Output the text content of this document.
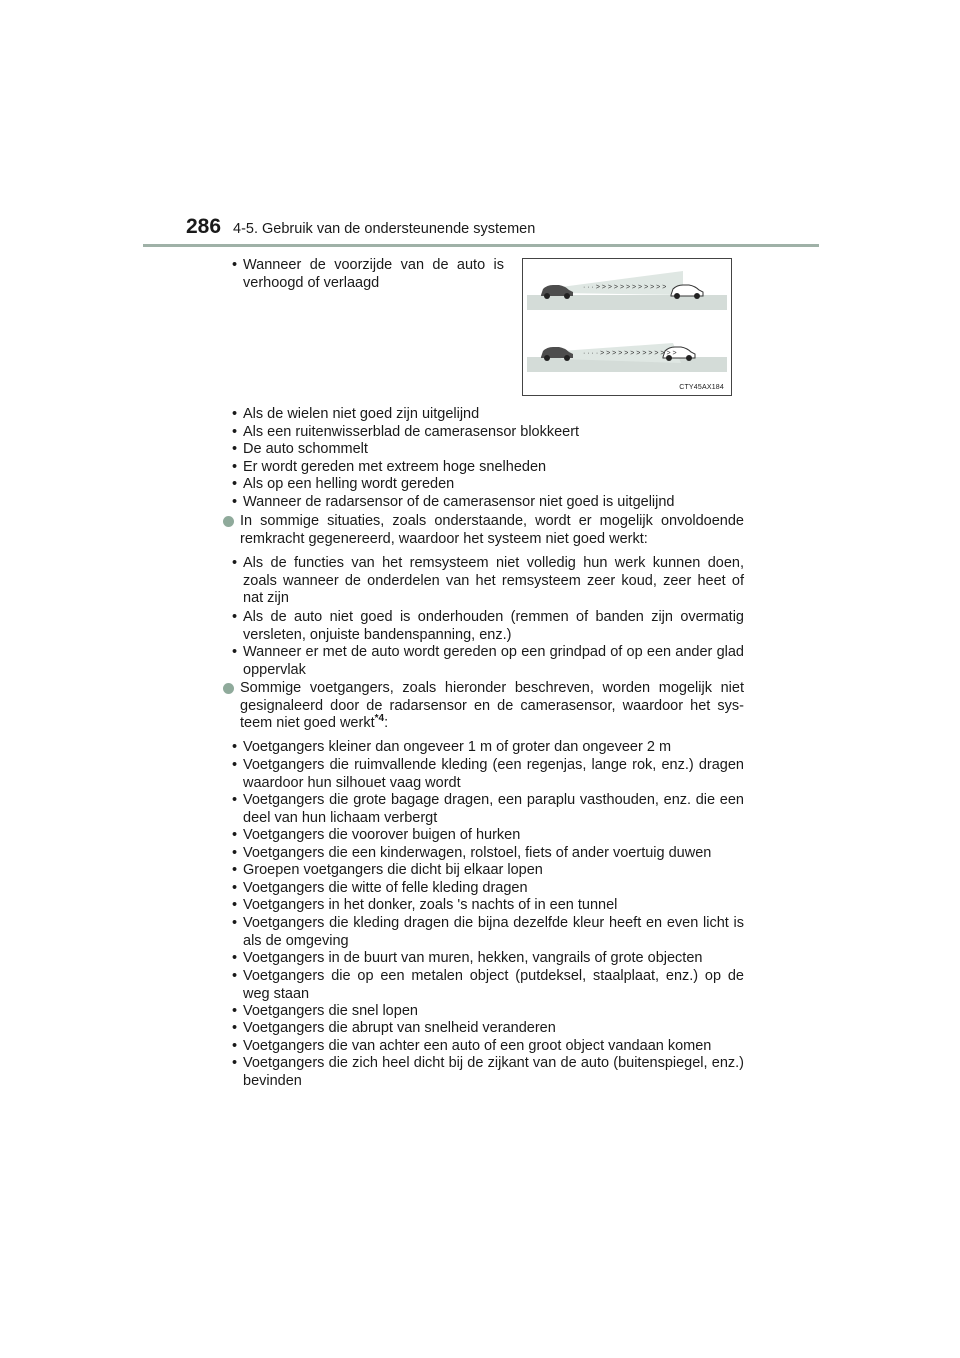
286 4-5. Gebruik van de ondersteunende systemen
• Wanneer de voorzijde van de auto is verhoogd of verlaagd	· · · > > > > > > > > > > > >
· · · · > > > > > > > > > > > > >
CTY45AX184
• Als de wielen niet goed zijn uitgelijnd
• Als een ruitenwisserblad de camerasensor blokkeert
• De auto schommelt
• Er wordt gereden met extreem hoge snelheden
• Als op een helling wordt gereden
• Wanneer de radarsensor of de camerasensor niet goed is uitgelijnd
In sommige situaties, zoals onderstaande, wordt er mogelijk onvoldoende remkracht gegenereerd, waardoor het systeem niet goed werkt:
• Als de functies van het remsysteem niet volledig hun werk kunnen doen, zoals wanneer de onderdelen van het remsysteem zeer koud, zeer heet of nat zijn
• Als de auto niet goed is onderhouden (remmen of banden zijn overmatig versleten, onjuiste bandenspanning, enz.)
• Wanneer er met de auto wordt gereden op een grindpad of op een ander glad oppervlak
Sommige voetgangers, zoals hieronder beschreven, worden mogelijk niet gesignaleerd door de radarsensor en de camerasensor, waardoor het sys-teem niet goed werkt$^{*4}$:
• Voetgangers kleiner dan ongeveer 1 m of groter dan ongeveer 2 m
• Voetgangers die ruimvallende kleding (een regenjas, lange rok, enz.) dragen waardoor hun silhouet vaag wordt
• Voetgangers die grote bagage dragen, een paraplu vasthouden, enz. die een deel van hun lichaam verbergt
• Voetgangers die voorover buigen of hurken
• Voetgangers die een kinderwagen, rolstoel, fiets of ander voertuig duwen
• Groepen voetgangers die dicht bij elkaar lopen
• Voetgangers die witte of felle kleding dragen
• Voetgangers in het donker, zoals 's nachts of in een tunnel
• Voetgangers die kleding dragen die bijna dezelfde kleur heeft en even licht is als de omgeving
• Voetgangers in de buurt van muren, hekken, vangrails of grote objecten
• Voetgangers die op een metalen object (putdeksel, staalplaat, enz.) op de weg staan
• Voetgangers die snel lopen
• Voetgangers die abrupt van snelheid veranderen
• Voetgangers die van achter een auto of een groot object vandaan komen
• Voetgangers die zich heel dicht bij de zijkant van de auto (buitenspiegel, enz.) bevinden
